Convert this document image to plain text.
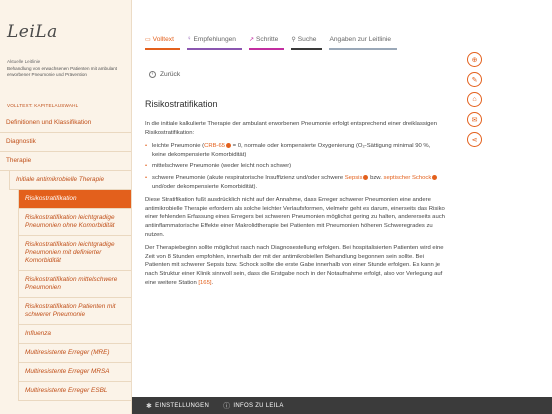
LeiLa
Aktuelle Leitlinie
Behandlung von erwachsenen Patienten mit ambulant erworbener Pneumonie und Prävention
VOLLTEXT: KAPITELAUSWAHL
Definitionen und Klassifikation
Diagnostik
Therapie
Initiale antimikrobielle Therapie
Risikostratifikation
Risikostratifikation leichtgradige Pneumonien ohne Komorbidität
Risikostratifikation leichtgradige Pneumonien mit definierter Komorbidität
Risikostratifikation mittelschwere Pneumonien
Risikostratifikation Patienten mit schwerer Pneumonie
Influenza
Multiresistente Erreger (MRE)
Multiresistente Erreger MRSA
Multiresistente Erreger ESBL
▭ Volltext ♀ Empfehlungen ↗ Schritte ⚲ Suche Angaben zur Leitlinie
‹	Zurück
Risikostratifikation

In die initiale kalkulierte Therapie der ambulant erworbenen Pneumonie erfolgt entsprechend einer dreiklassigen Risikostratifikation:

• leichte Pneumonie (CRB-65 = 0, normale oder kompensierte Oxygenierung (O₂-Sättigung minimal 90 %, keine dekompensierte Komorbidität)
• mittelschwere Pneumonie (weder leicht noch schwer)
• schwere Pneumonie (akute respiratorische Insuffizienz und/oder schwere Sepsis bzw. septischer Schock und/oder dekompensierte Komorbidität).

Diese Stratifikation fußt ausdrücklich nicht auf der Annahme, dass Erreger schwerer Pneumonien eine andere antimikrobielle Therapie erfordern als solche leichter Verlaufsformen, vielmehr geht es darum, einerseits das Risiko einer fehlenden Erfassung eines Erregers bei schweren Pneumonien möglichst gering zu halten, andererseits auch antiinflammatorische Effekte einer Makrolidtherapie bei Patienten mit Pneumonien höheren Schweregrades zu nutzen.

Der Therapiebeginn sollte möglichst rasch nach Diagnosestellung erfolgen. Bei hospitalisierten Patienten wird eine Zeit von 8 Stunden empfohlen, innerhalb der mit der antimikrobiellen Behandlung begonnen sein sollte. Bei Patienten mit schwerer Sepsis bzw. Schock sollte die erste Gabe innerhalb von einer Stunde erfolgen. Es kann je nach Struktur einer Klinik sinnvoll sein, dass die Erstgabe noch in der Notaufnahme erfolgt, also vor Verlegung auf eine weitere Station [165].

⊕
✎
⌂
✉
⋖
✱ EINSTELLUNGEN ⓘ INFOS ZU LEILA
